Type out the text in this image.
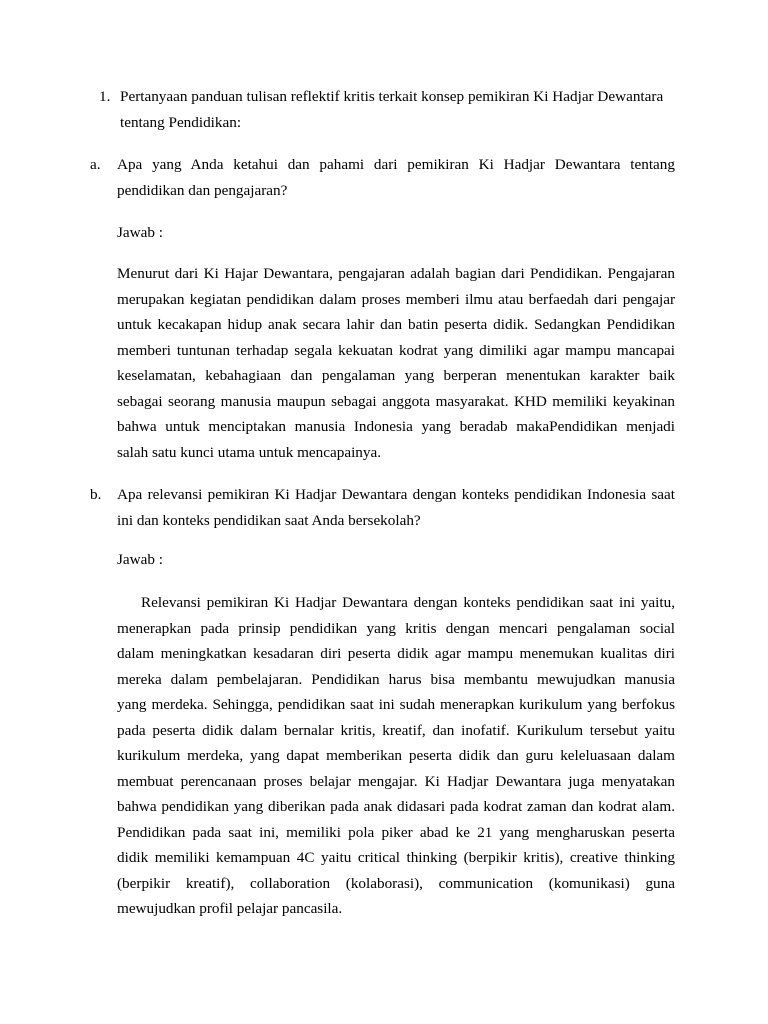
1. Pertanyaan panduan tulisan reflektif kritis terkait konsep pemikiran Ki Hadjar Dewantara
tentang Pendidikan:
a. Apa yang Anda ketahui dan pahami dari pemikiran Ki Hadjar Dewantara tentang
pendidikan dan pengajaran?
Jawab :
Menurut dari Ki Hajar Dewantara, pengajaran adalah bagian dari Pendidikan. Pengajaran
merupakan kegiatan pendidikan dalam proses memberi ilmu atau berfaedah dari pengajar
untuk kecakapan hidup anak secara lahir dan batin peserta didik. Sedangkan Pendidikan
memberi tuntunan terhadap segala kekuatan kodrat yang dimiliki agar mampu mancapai
keselamatan, kebahagiaan dan pengalaman yang berperan menentukan karakter baik
sebagai seorang manusia maupun sebagai anggota masyarakat. KHD memiliki keyakinan
bahwa untuk menciptakan manusia Indonesia yang beradab makaPendidikan menjadi
salah satu kunci utama untuk mencapainya.
b. Apa relevansi pemikiran Ki Hadjar Dewantara dengan konteks pendidikan Indonesia saat
ini dan konteks pendidikan saat Anda bersekolah?
Jawab :
Relevansi pemikiran Ki Hadjar Dewantara dengan konteks pendidikan saat ini yaitu,
menerapkan pada prinsip pendidikan yang kritis dengan mencari pengalaman social
dalam meningkatkan kesadaran diri peserta didik agar mampu menemukan kualitas diri
mereka dalam pembelajaran. Pendidikan harus bisa membantu mewujudkan manusia
yang merdeka. Sehingga, pendidikan saat ini sudah menerapkan kurikulum yang berfokus
pada peserta didik dalam bernalar kritis, kreatif, dan inofatif. Kurikulum tersebut yaitu
kurikulum merdeka, yang dapat memberikan peserta didik dan guru keleluasaan dalam
membuat perencanaan proses belajar mengajar. Ki Hadjar Dewantara juga menyatakan
bahwa pendidikan yang diberikan pada anak didasari pada kodrat zaman dan kodrat alam.
Pendidikan pada saat ini, memiliki pola piker abad ke 21 yang mengharuskan peserta
didik memiliki kemampuan 4C yaitu critical thinking (berpikir kritis), creative thinking
(berpikir kreatif), collaboration (kolaborasi), communication (komunikasi) guna
mewujudkan profil pelajar pancasila.
